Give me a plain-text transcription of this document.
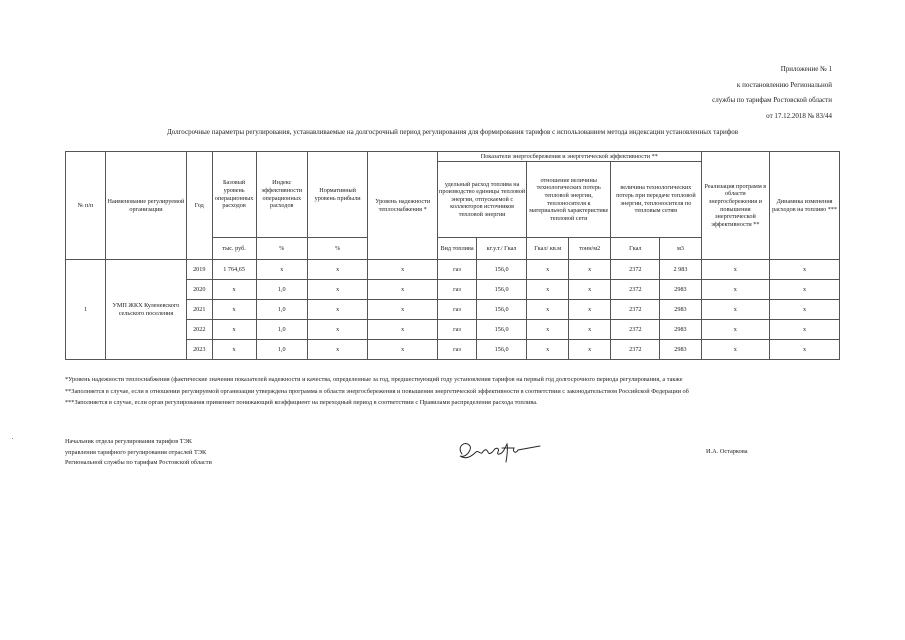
Приложение № 1
к постановлению Региональной
службы по тарифам Ростовской области
от 17.12.2018 № 83/44
Долгосрочные параметры регулирования, устанавливаемые на долгосрочный период регулирования для формирования тарифов с использованием метода индексации установленных тарифов
№ п/п	Наименование регулируемой организации	Год	Базовый уровень операционных расходов	Индекс эффективности операционных расходов	Нормативный уровень прибыли	Уровень надежности теплоснабжения *	Показатели энергосбережения и энергетической эффективности **						Реализация программ в области энергосбережения и повышения энергетической эффективности **	Динамика изменения расходов на топливо ***
							удельный расход топлива на производство единицы тепловой энергии, отпускаемой с коллекторов источников тепловой энергии		отношение величины технологических потерь тепловой энергии, теплоносителя к материальной характеристике тепловой сети		величина технологических потерь при передаче тепловой энергии, теплоносителя по тепловым сетям			
			тыс. руб.	%	%		Вид топлива	кг.у.т./ Гкал	Гкал/ кв.м	тонн/м2	Гкал	м3		
1	УМП ЖКХ Куленевского сельского поселения	2019	1 764,65	х	х	х	газ	156,0	х	х	2372	2 983	х	х
		2020	х	1,0	х	х	газ	156,0	х	х	2372	2983	х	х
		2021	х	1,0	х	х	газ	156,0	х	х	2372	2983	х	х
		2022	х	1,0	х	х	газ	156,0	х	х	2372	2983	х	х
		2023	х	1,0	х	х	газ	156,0	х	х	2372	2983	х	х
*Уровень надежности теплоснабжения (фактические значения показателей надежности и качества, определенные за год, предшествующий году установления тарифов на первый год долгосрочного периода регулирования, а также
**Заполняется в случае, если в отношении регулируемой организации утверждена программа в области энергосбережения и повышения энергетической эффективности в соответствии с законодательством Российской Федерации об
***Заполняется в случае, если орган регулирования применяет понижающий коэффициент на переходный период в соответствии с Правилами распределения расхода топлива.
Начальник отдела регулирования тарифов ТЭК
управления тарифного регулирования отраслей ТЭК
Региональной службы по тарифам Ростовской области
И.А. Остаркова
